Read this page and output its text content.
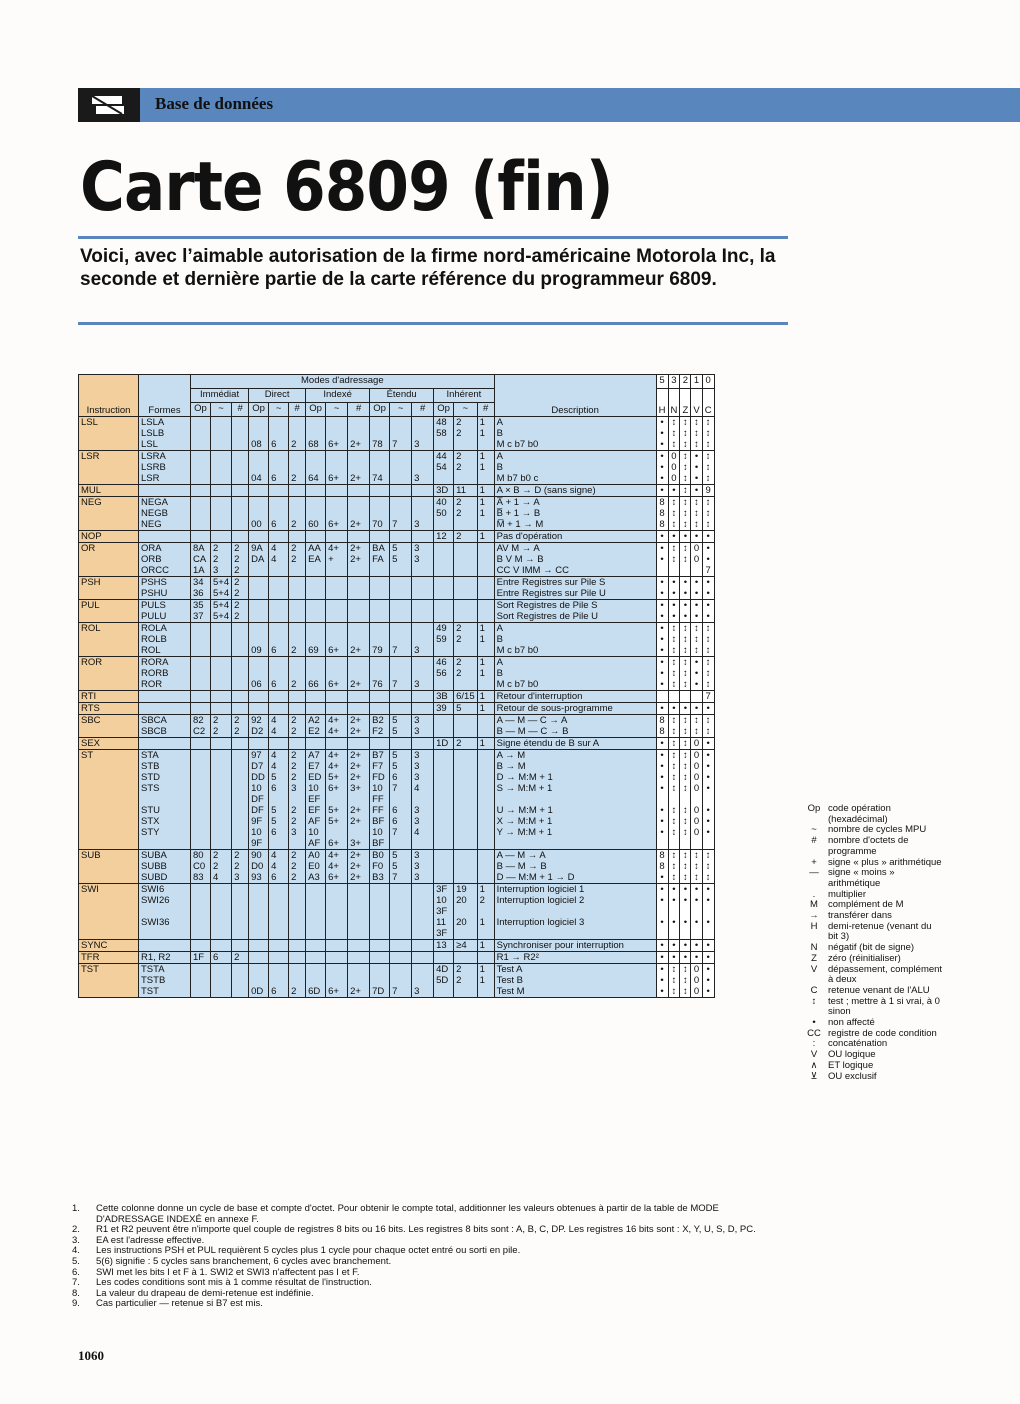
Base de données
Carte 6809 (fin)
Voici, avec l’aimable autorisation de la firme nord-américaine Motorola Inc, la seconde et dernière partie de la carte référence du programmeur 6809.
Instruction	Formes	Modes d'adressage															Description	5	3	2	1	0
		Immédiat			Direct			Indexé			Étendu			Inhérent				H	N	Z	V	C
		Op	~	#	Op	~	#	Op	~	#	Op	~	#	Op	~	#						
LSL	LSLA													48	2	1	A	•	↕	↕	↕	↕
	LSLB													58	2	1	B	•	↕	↕	↕	↕
	LSL				08	6	2	68	6+	2+	78	7	3				M c b7 b0	•	↕	↕	↕	↕
LSR	LSRA													44	2	1	A	•	0	↕	•	↕
	LSRB													54	2	1	B	•	0	↕	•	↕
	LSR				04	6	2	64	6+	2+	74		3				M b7 b0 c	•	0	↕	•	↕
MUL														3D	11	1	A × B → D (sans signe)	•	•	↕	•	9
NEG	NEGA													40	2	1	A̅ + 1 → A	8	↕	↕	↕	↕
	NEGB													50	2	1	B̅ + 1 → B	8	↕	↕	↕	↕
	NEG				00	6	2	60	6+	2+	70	7	3				M̅ + 1 → M	8	↕	↕	↕	↕
NOP														12	2	1	Pas d'opération	•	•	•	•	•
OR	ORA	8A	2	2	9A	4	2	AA	4+	2+	BA	5	3				AV M → A	•	↕	↕	0	•
	ORB	CA	2	2	DA	4	2	EA	+	2+	FA	5	3				B V M → B	•	↕	↕	0	•
	ORCC	1A	3	2													CC V IMM → CC					7
PSH	PSHS	34	5+4	2													Entre Registres sur Pile S	•	•	•	•	•
	PSHU	36	5+4	2													Entre Registres sur Pile U	•	•	•	•	•
PUL	PULS	35	5+4	2													Sort Registres de Pile S	•	•	•	•	•
	PULU	37	5+4	2													Sort Registres de Pile U	•	•	•	•	•
ROL	ROLA													49	2	1	A	•	↕	↕	↕	↕
	ROLB													59	2	1	B	•	↕	↕	↕	↕
	ROL				09	6	2	69	6+	2+	79	7	3				M c b7 b0	•	↕	↕	↕	↕
ROR	RORA													46	2	1	A	•	↕	↕	•	↕
	RORB													56	2	1	B	•	↕	↕	•	↕
	ROR				06	6	2	66	6+	2+	76	7	3				M c b7 b0	•	↕	↕	•	↕
RTI														3B	6/15	1	Retour d'interruption					7
RTS														39	5	1	Retour de sous-programme	•	•	•	•	•
SBC	SBCA	82	2	2	92	4	2	A2	4+	2+	B2	5	3				A — M — C → A	8	↕	↕	↕	↕
	SBCB	C2	2	2	D2	4	2	E2	4+	2+	F2	5	3				B — M — C → B	8	↕	↕	↕	↕
SEX														1D	2	1	Signe étendu de B sur A	•	↕	↕	0	•
ST	STA				97	4	2	A7	4+	2+	B7	5	3				A → M	•	↕	↕	0	•
	STB				D7	4	2	E7	4+	2+	F7	5	3				B → M	•	↕	↕	0	•
	STD				DD	5	2	ED	5+	2+	FD	6	3				D → M:M + 1	•	↕	↕	0	•
	STS				10	6	3	10	6+	3+	10	7	4				S → M:M + 1	•	↕	↕	0	•
					DF			EF			FF											
	STU				DF	5	2	EF	5+	2+	FF	6	3				U → M:M + 1	•	↕	↕	0	•
	STX				9F	5	2	AF	5+	2+	BF	6	3				X → M:M + 1	•	↕	↕	0	•
	STY				10	6	3	10			10	7	4				Y → M:M + 1	•	↕	↕	0	•
					9F			AF	6+	3+	BF											
SUB	SUBA	80	2	2	90	4	2	A0	4+	2+	B0	5	3				A — M → A	8	↕	↕	↕	↕
	SUBB	C0	2	2	D0	4	2	E0	4+	2+	F0	5	3				B — M → B	8	↕	↕	↕	↕
	SUBD	83	4	3	93	6	2	A3	6+	2+	B3	7	3				D — M:M + 1 → D	•	↕	↕	↕	↕
SWI	SWI6													3F	19	1	Interruption logiciel 1	•	•	•	•	•
	SWI26													10	20	2	Interruption logiciel 2	•	•	•	•	•
														3F								
	SWI36													11	20	1	Interruption logiciel 3	•	•	•	•	•
														3F								
SYNC														13	≥4	1	Synchroniser pour interruption	•	•	•	•	•
TFR	R1, R2	1F	6	2													R1 → R2²	•	•	•	•	•
TST	TSTA													4D	2	1	Test A	•	↕	↕	0	•
	TSTB													5D	2	1	Test B	•	↕	↕	0	•
	TST				0D	6	2	6D	6+	2+	7D	7	3				Test M	•	↕	↕	0	•
Op code opération
(hexadécimal)
~	nombre de cycles MPU
#	nombre d'octets de
programme
+	signe « plus » arithmétique
— signe « moins »
arithmétique
.	multiplier
M	complément de M
→ transférer dans
H	demi-retenue (venant du
bit 3)
N	négatif (bit de signe)
Z	zéro (réinitialiser)
V	dépassement, complément
à deux
C	retenue venant de l'ALU
↕	test ; mettre à 1 si vrai, à 0
sinon
•	non affecté
CC registre de code condition
:	concaténation
V	OU logique
∧	ET logique
⊻	OU exclusif
1.	Cette colonne donne un cycle de base et compte d'octet. Pour obtenir le compte total, additionner les valeurs obtenues à partir de la table de MODE D'ADRESSAGE INDEXÉ en annexe F.
2.	R1 et R2 peuvent être n'importe quel couple de registres 8 bits ou 16 bits. Les registres 8 bits sont : A, B, C, DP. Les registres 16 bits sont : X, Y, U, S, D, PC.
3.	EA est l'adresse effective.
4.	Les instructions PSH et PUL requièrent 5 cycles plus 1 cycle pour chaque octet entré ou sorti en pile.
5.	5(6) signifie : 5 cycles sans branchement, 6 cycles avec branchement.
6.	SWI met les bits I et F à 1. SWI2 et SWI3 n'affectent pas I et F.
7.	Les codes conditions sont mis à 1 comme résultat de l'instruction.
8.	La valeur du drapeau de demi-retenue est indéfinie.
9.	Cas particulier — retenue si B7 est mis.
1060
